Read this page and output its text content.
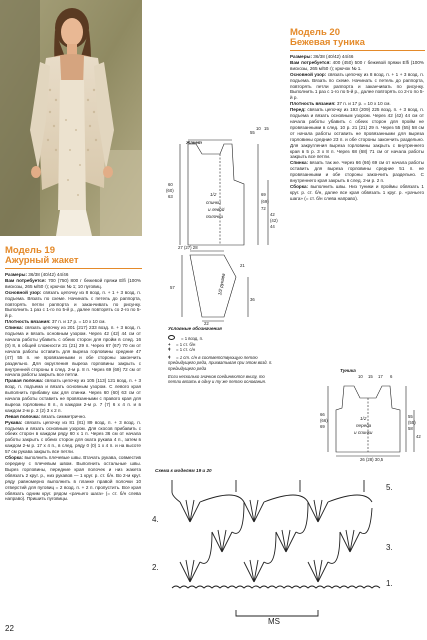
Модель 19
Ажурный жакет

Размеры: 36/38 (40/42) 44/46

Вам потребуется: 700 (750) 800 г бежевой пряжи Elfi (100% вискозы, 265 м/50 г); крючок № 1; 10 пуговиц.

Основной узор: связать цепочку из 8 возд. п. + 1 + 3 возд. п. подъема. Вязать по схеме. Начинать с петель до раппорта, повторять петли раппорта и заканчивать по рисунку. Выполнить 1 раз с 1-го по 5-й р., далее повторять со 2-го по 5-й р.

Плотность вязания: 37 п. и 17 р. = 10 х 10 см.

Спинка: связать цепочку из 201 (217) 233 возд. п. + 3 возд. п. подъема и вязать основным узором. Через 42 (42) 44 см от начала работы убавить с обеих сторон для пройм в след. 16 (0) 8, в общей сложности 21 (21) 29 п. Через 67 (67) 70 см от начала работы оставить для выреза горловины средние 47 (47) 55 п. не провязанными и обе стороны закончить раздельно. Для округления выреза горловины закрыть с внутренней стороны в след. 2-м р. 8 п. Через 69 (69) 72 см от начала работы закрыть все петли.

Правая полочка: связать цепочку из 105 (113) 121 возд. п. + 3 возд. п. подъема и вязать основным узором. С левого края выполнить прибавку как для спинки. Через 60 (60) 63 см от начала работы оставить не провязанными с правого края для выреза горловины 8 п., в каждом 2-м р. 7 (7) 6 х 4 п. и в каждом 2-м р. 2 (2) 3 х 2 п.

Левая полочка: вязать симметрично.

Рукава: связать цепочку из 81 (81) 89 возд. п. + 3 возд. п. подъема и вязать основным узором. Для скосов прибавить с обеих сторон в каждом ряду 60 х 1 п. Через 36 см от начала работы закрыть с обеих сторон для оката рукава 4 п., затем в каждом 2-м р. 17 х 4 п., в след. ряду 0 (0) 1 х 4 п. и на высоте 57 см рукава закрыть все петли.

Сборка: выполнить плечевые швы. Втачать рукава, совместив середину с плечевым швом. Выполнить остальные швы. Вырез горловины, передние края полочек и низ жакета обвязать 2 круг. р., низ рукавов — 1 круг. р. ст. б/н. Во 2-м круг. ряду равномерно выполнить в планке правой полочки 10 отверстий для пуговиц = 2 возд. п. + 2 п. пропустить. Все края обвязать одним круг. рядом «рачьего шага» (= ст. б/н слева направо). Пришить пуговицы.

Жакет
10 15
55
60
(60)
63	69
(69)
72
42
(42)
44
1/2
спинки
и левой
полочки
27 (27) 28
21
36
57
22
1/2 рукава
Условные обозначения
= 1 возд. п.
+ = 1 ст. б/н
ǂ = 1 ст. с/н
ǂ = 1 ст. с/н в соответствующую петлю предыдущего ряда, прихватывая при этом возд. п. предыдущего ряда
Если несколько значков соединяются внизу, то петли вязать в одну и ту же петлю основания.
Модель 20
Бежевая туника

Размеры: 36/38 (40/42) 44/46

Вам потребуется: 400 (450) 500 г бежевой пряжи Elfi (100% вискозы, 265 м/50 г); крючок № 1.

Основной узор: связать цепочку из 8 возд. п. + 1 + 3 возд. п. подъема. Вязать по схеме. Начинать с петель до раппорта, повторять петли раппорта и заканчивать по рисунку. Выполнить 1 раз с 1-го по 5-й р., далее повторять со 2-го по 5-й р.

Плотность вязания: 37 п. и 17 р. = 10 х 10 см.

Перед: связать цепочку из 193 (209) 225 возд. п. + 3 возд. п. подъема и вязать основным узором. Через 42 (42) 44 см от начала работы убавить с обеих сторон для пройм не провязанными в след. 10 р. 21 (21) 29 п. Через 55 (55) 58 см от начала работы оставить не провязанными для выреза горловины средние 23 п. и обе стороны закончить раздельно. Для закругления выреза горловины закрыть с внутреннего края в 5 р. 3 х 8 п. Через 68 (68) 71 см от начала работы закрыть все петли.

Спинка: вязать так же. Через 66 (66) 69 см от начала работы оставить для выреза горловины средние 51 п. не провязанными и обе стороны закончить раздельно. С внутреннего края закрыть в след. 2-м р. 2 п.

Сборка: выполнить швы. Низ туники и проймы обвязать 1 круг. р. ст. б/н, далее все края обвязать 1 круг. р. «рачьего шага» (= ст. б/н слева направо).

Туника
10 15 17 6
55
(55)
58
42
66
(66)
69
26 (28) 30,5
1/2
переда
и спинки
Схема к моделям 19 и 20
5.
4.
3.
2.
1.
MS
22
